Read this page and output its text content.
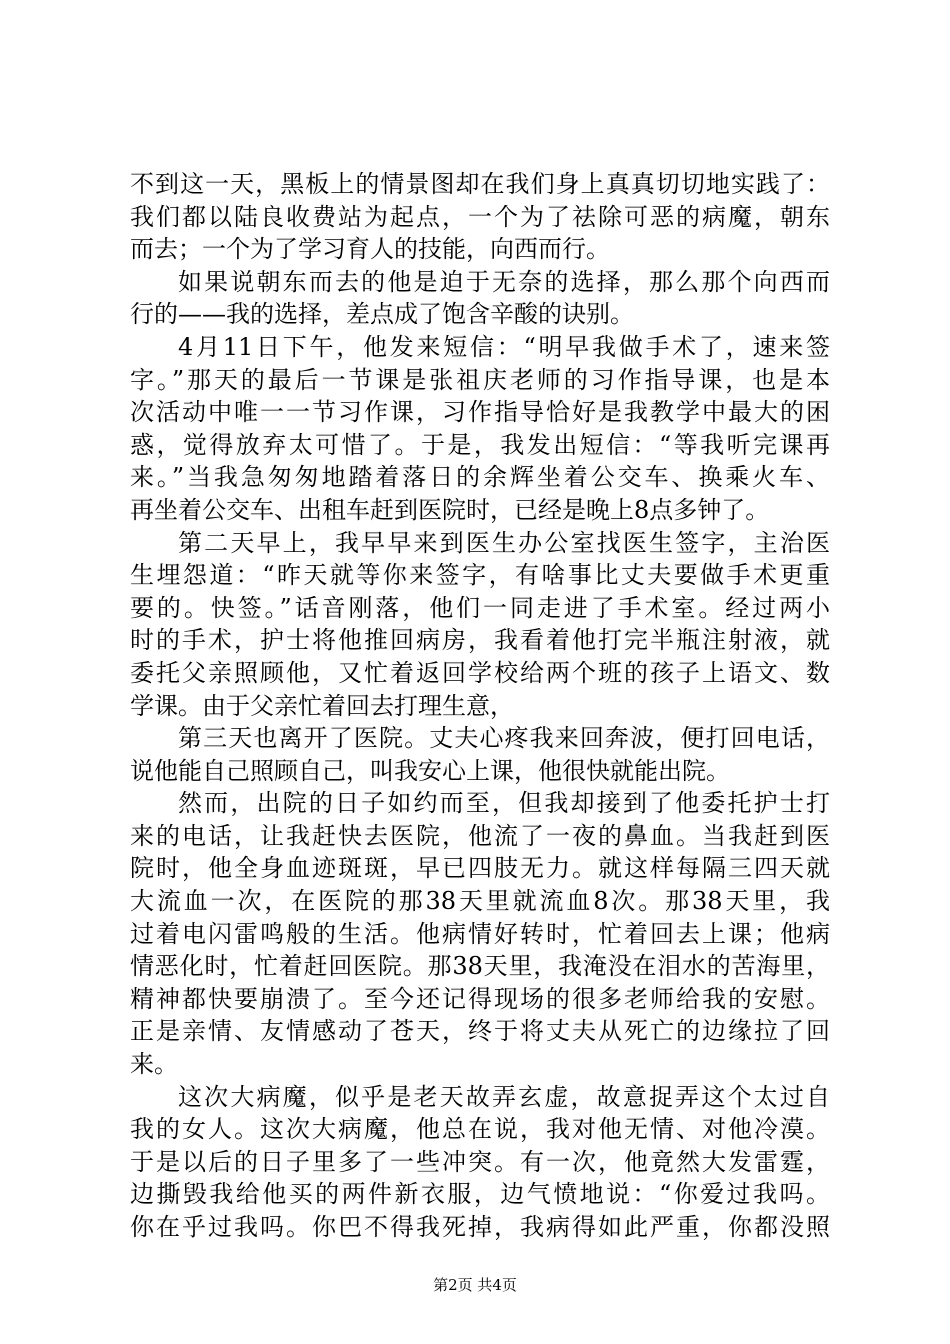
不到这一天，黑板上的情景图却在我们身上真真切切地实践了：
我们都以陆良收费站为起点，一个为了祛除可恶的病魔，朝东
而去；一个为了学习育人的技能，向西而行。
如果说朝东而去的他是迫于无奈的选择，那么那个向西而
行的——我的选择，差点成了饱含辛酸的诀别。
4月11日下午，他发来短信：“明早我做手术了，速来签
字。”那天的最后一节课是张祖庆老师的习作指导课，也是本
次活动中唯一一节习作课，习作指导恰好是我教学中最大的困
惑，觉得放弃太可惜了。于是，我发出短信：“等我听完课再
来。”当我急匆匆地踏着落日的余辉坐着公交车、换乘火车、
再坐着公交车、出租车赶到医院时，已经是晚上8点多钟了。
第二天早上，我早早来到医生办公室找医生签字，主治医
生埋怨道：“昨天就等你来签字，有啥事比丈夫要做手术更重
要的。快签。”话音刚落，他们一同走进了手术室。经过两小
时的手术，护士将他推回病房，我看着他打完半瓶注射液，就
委托父亲照顾他，又忙着返回学校给两个班的孩子上语文、数
学课。由于父亲忙着回去打理生意，
第三天也离开了医院。丈夫心疼我来回奔波，便打回电话，
说他能自己照顾自己，叫我安心上课，他很快就能出院。
然而，出院的日子如约而至，但我却接到了他委托护士打
来的电话，让我赶快去医院，他流了一夜的鼻血。当我赶到医
院时，他全身血迹斑斑，早已四肢无力。就这样每隔三四天就
大流血一次，在医院的那38天里就流血8次。那38天里，我
过着电闪雷鸣般的生活。他病情好转时，忙着回去上课；他病
情恶化时，忙着赶回医院。那38天里，我淹没在泪水的苦海里，
精神都快要崩溃了。至今还记得现场的很多老师给我的安慰。
正是亲情、友情感动了苍天，终于将丈夫从死亡的边缘拉了回
来。
这次大病魔，似乎是老天故弄玄虚，故意捉弄这个太过自
我的女人。这次大病魔，他总在说，我对他无情、对他冷漠。
于是以后的日子里多了一些冲突。有一次，他竟然大发雷霆，
边撕毁我给他买的两件新衣服，边气愤地说：“你爱过我吗。
你在乎过我吗。你巴不得我死掉，我病得如此严重，你都没照
第2页 共4页
